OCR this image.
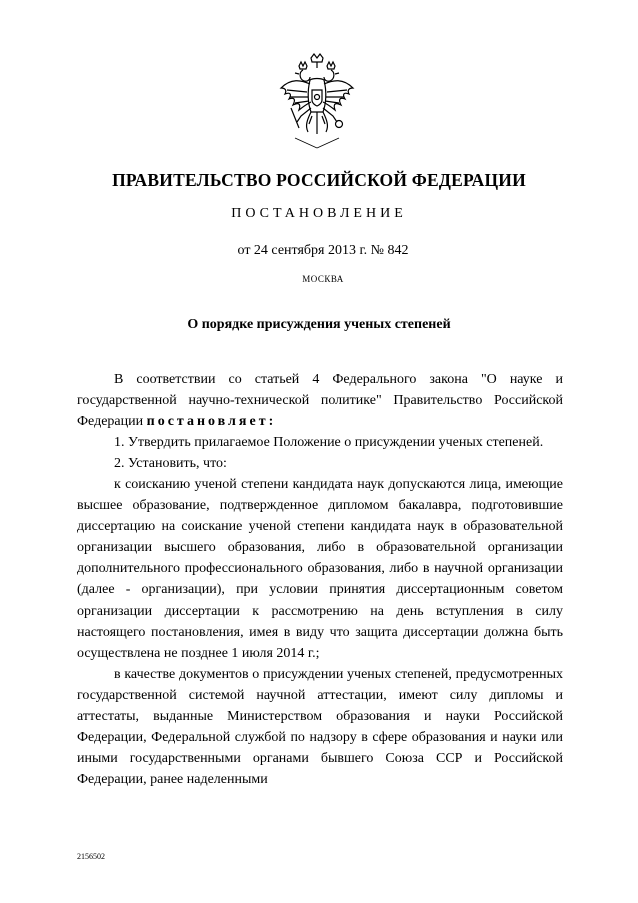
ПРАВИТЕЛЬСТВО РОССИЙСКОЙ ФЕДЕРАЦИИ
ПОСТАНОВЛЕНИЕ
от 24 сентября 2013 г. № 842
МОСКВА
О порядке присуждения ученых степеней

В соответствии со статьей 4 Федерального закона "О науке и государственной научно-технической политике" Правительство Российской Федерации постановляет:

1. Утвердить прилагаемое Положение о присуждении ученых степеней.

2. Установить, что:

к соисканию ученой степени кандидата наук допускаются лица, имеющие высшее образование, подтвержденное дипломом бакалавра, подготовившие диссертацию на соискание ученой степени кандидата наук в образовательной организации высшего образования, либо в образовательной организации дополнительного профессионального образования, либо в научной организации (далее - организации), при условии принятия диссертационным советом организации диссертации к рассмотрению на день вступления в силу настоящего постановления, имея в виду что защита диссертации должна быть осуществлена не позднее 1 июля 2014 г.;

в качестве документов о присуждении ученых степеней, предусмотренных государственной системой научной аттестации, имеют силу дипломы и аттестаты, выданные Министерством образования и науки Российской Федерации, Федеральной службой по надзору в сфере образования и науки или иными государственными органами бывшего Союза ССР и Российской Федерации, ранее наделенными

2156502
